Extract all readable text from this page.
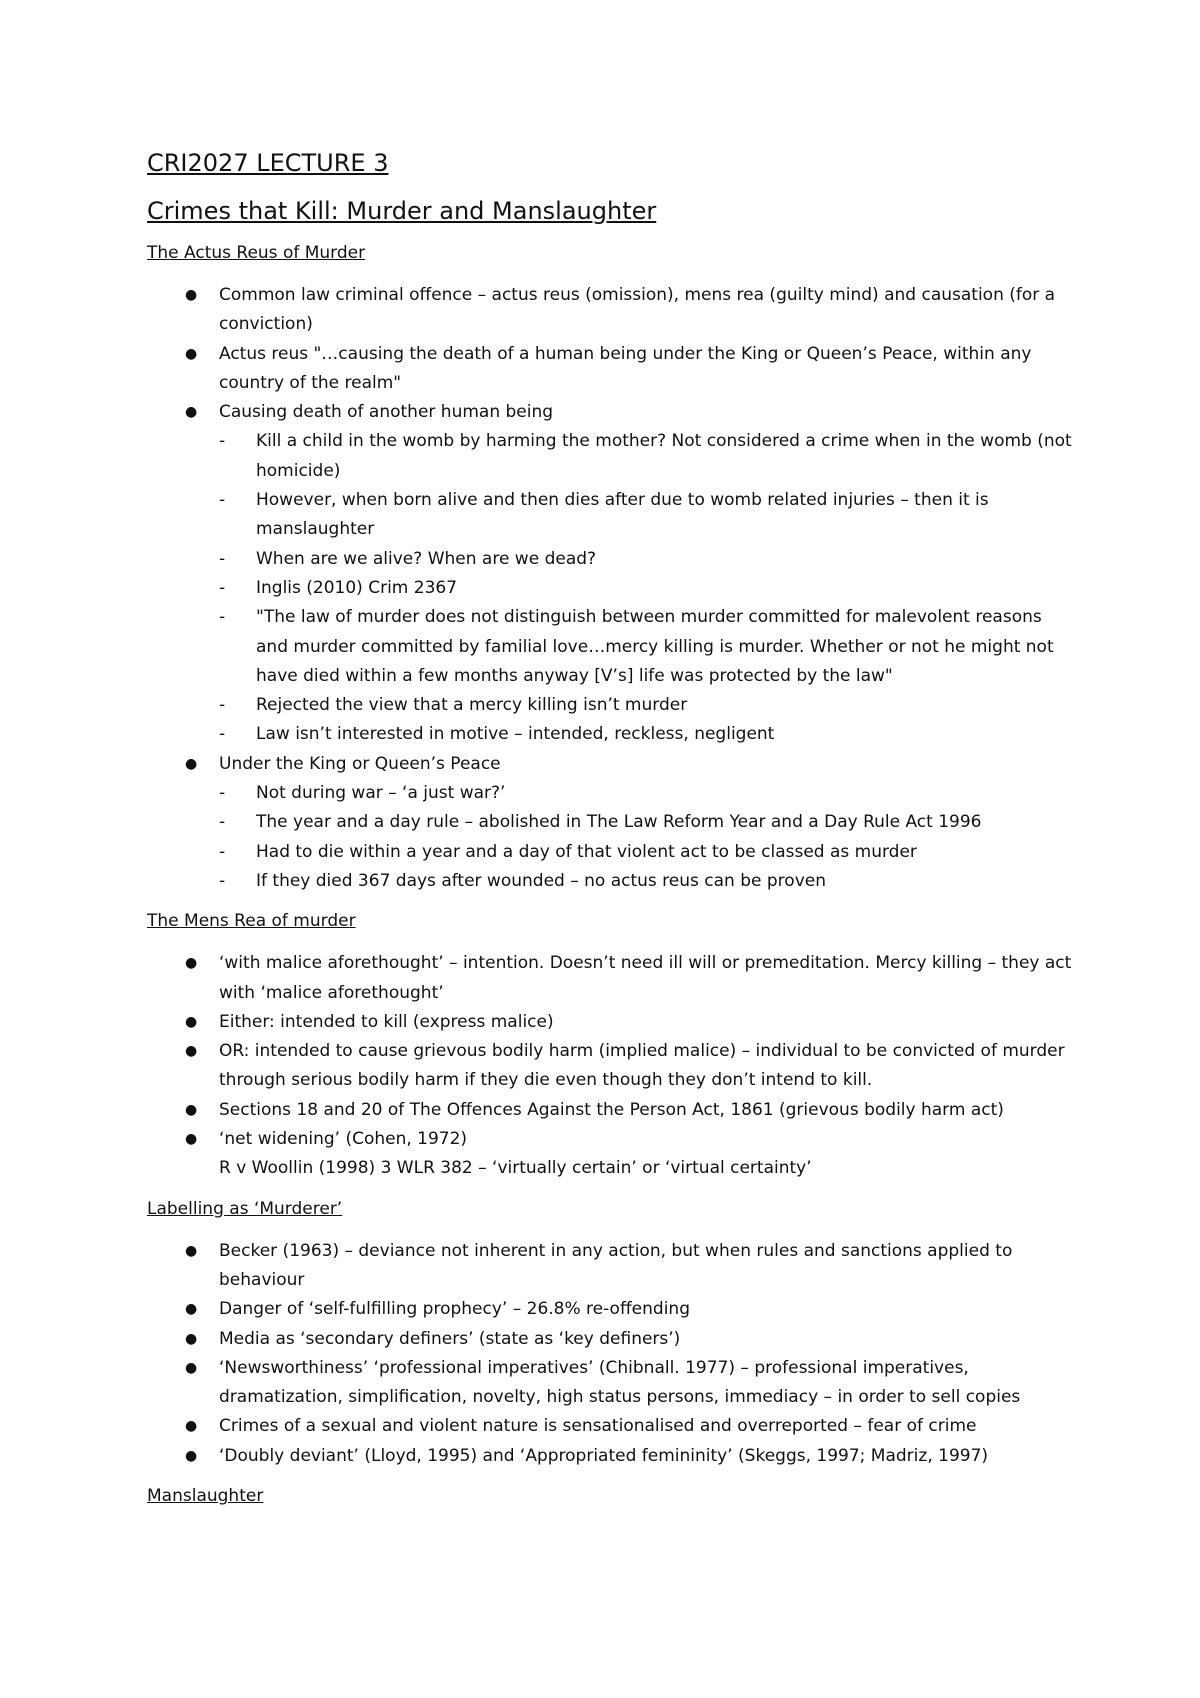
CRI2027 LECTURE 3
Crimes that Kill: Murder and Manslaughter
The Actus Reus of Murder
● Common law criminal offence – actus reus (omission), mens rea (guilty mind) and causation (for a conviction)
● Actus reus "…causing the death of a human being under the King or Queen’s Peace, within any country of the realm"
● Causing death of another human being
- Kill a child in the womb by harming the mother? Not considered a crime when in the womb (not homicide)
- However, when born alive and then dies after due to womb related injuries – then it is manslaughter
- When are we alive? When are we dead?
- Inglis (2010) Crim 2367
- "The law of murder does not distinguish between murder committed for malevolent reasons and murder committed by familial love…mercy killing is murder. Whether or not he might not have died within a few months anyway [V’s] life was protected by the law"
- Rejected the view that a mercy killing isn’t murder
- Law isn’t interested in motive – intended, reckless, negligent
● Under the King or Queen’s Peace
- Not during war – ‘a just war?’
- The year and a day rule – abolished in The Law Reform Year and a Day Rule Act 1996
- Had to die within a year and a day of that violent act to be classed as murder
- If they died 367 days after wounded – no actus reus can be proven
The Mens Rea of murder
● ‘with malice aforethought’ – intention. Doesn’t need ill will or premeditation. Mercy killing – they act with ‘malice aforethought’
● Either: intended to kill (express malice)
● OR: intended to cause grievous bodily harm (implied malice) – individual to be convicted of murder through serious bodily harm if they die even though they don’t intend to kill.
● Sections 18 and 20 of The Offences Against the Person Act, 1861 (grievous bodily harm act)
● ‘net widening’ (Cohen, 1972)
R v Woollin (1998) 3 WLR 382 – ‘virtually certain’ or ‘virtual certainty’
Labelling as ‘Murderer’
● Becker (1963) – deviance not inherent in any action, but when rules and sanctions applied to behaviour
● Danger of ‘self-fulfilling prophecy’ – 26.8% re-offending
● Media as ‘secondary definers’ (state as ‘key definers’)
● ‘Newsworthiness’ ‘professional imperatives’ (Chibnall. 1977) – professional imperatives, dramatization, simplification, novelty, high status persons, immediacy – in order to sell copies
● Crimes of a sexual and violent nature is sensationalised and overreported – fear of crime
● ‘Doubly deviant’ (Lloyd, 1995) and ‘Appropriated femininity’ (Skeggs, 1997; Madriz, 1997)
Manslaughter
